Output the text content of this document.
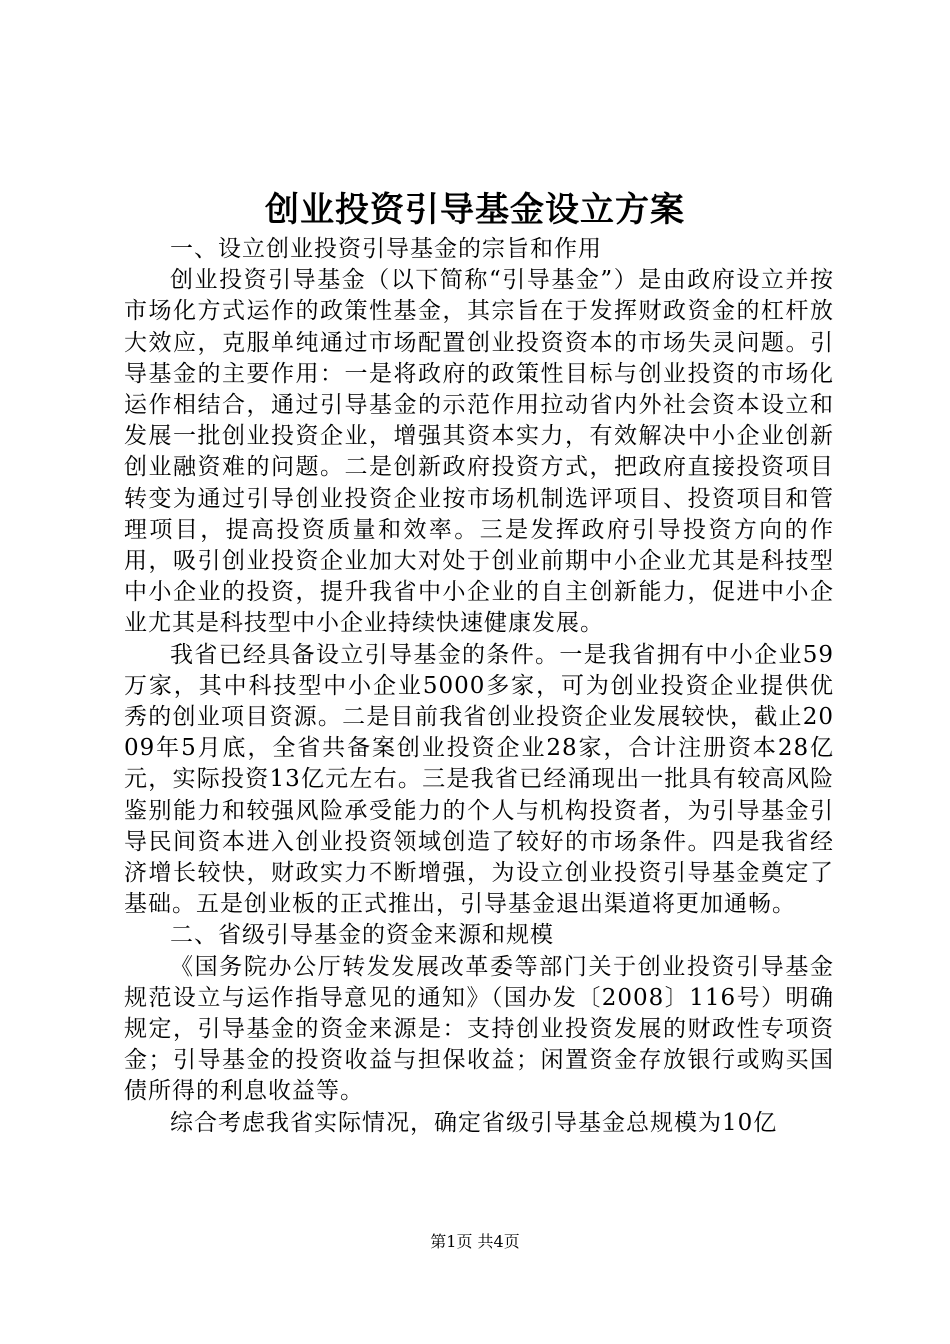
创业投资引导基金设立方案

一、设立创业投资引导基金的宗旨和作用

创业投资引导基金（以下简称“引导基金”）是由政府设立并按市场化方式运作的政策性基金，其宗旨在于发挥财政资金的杠杆放大效应，克服单纯通过市场配置创业投资资本的市场失灵问题。引导基金的主要作用：一是将政府的政策性目标与创业投资的市场化运作相结合，通过引导基金的示范作用拉动省内外社会资本设立和发展一批创业投资企业，增强其资本实力，有效解决中小企业创新创业融资难的问题。二是创新政府投资方式，把政府直接投资项目转变为通过引导创业投资企业按市场机制选评项目、投资项目和管理项目，提高投资质量和效率。三是发挥政府引导投资方向的作用，吸引创业投资企业加大对处于创业前期中小企业尤其是科技型中小企业的投资，提升我省中小企业的自主创新能力，促进中小企业尤其是科技型中小企业持续快速健康发展。

我省已经具备设立引导基金的条件。一是我省拥有中小企业59万家，其中科技型中小企业5000多家，可为创业投资企业提供优秀的创业项目资源。二是目前我省创业投资企业发展较快，截止2009年5月底，全省共备案创业投资企业28家，合计注册资本28亿元，实际投资13亿元左右。三是我省已经涌现出一批具有较高风险鉴别能力和较强风险承受能力的个人与机构投资者，为引导基金引导民间资本进入创业投资领域创造了较好的市场条件。四是我省经济增长较快，财政实力不断增强，为设立创业投资引导基金奠定了基础。五是创业板的正式推出，引导基金退出渠道将更加通畅。

二、省级引导基金的资金来源和规模

《国务院办公厅转发发展改革委等部门关于创业投资引导基金规范设立与运作指导意见的通知》（国办发〔2008〕116号）明确规定，引导基金的资金来源是：支持创业投资发展的财政性专项资金；引导基金的投资收益与担保收益；闲置资金存放银行或购买国债所得的利息收益等。

综合考虑我省实际情况，确定省级引导基金总规模为10亿

第1页 共4页
